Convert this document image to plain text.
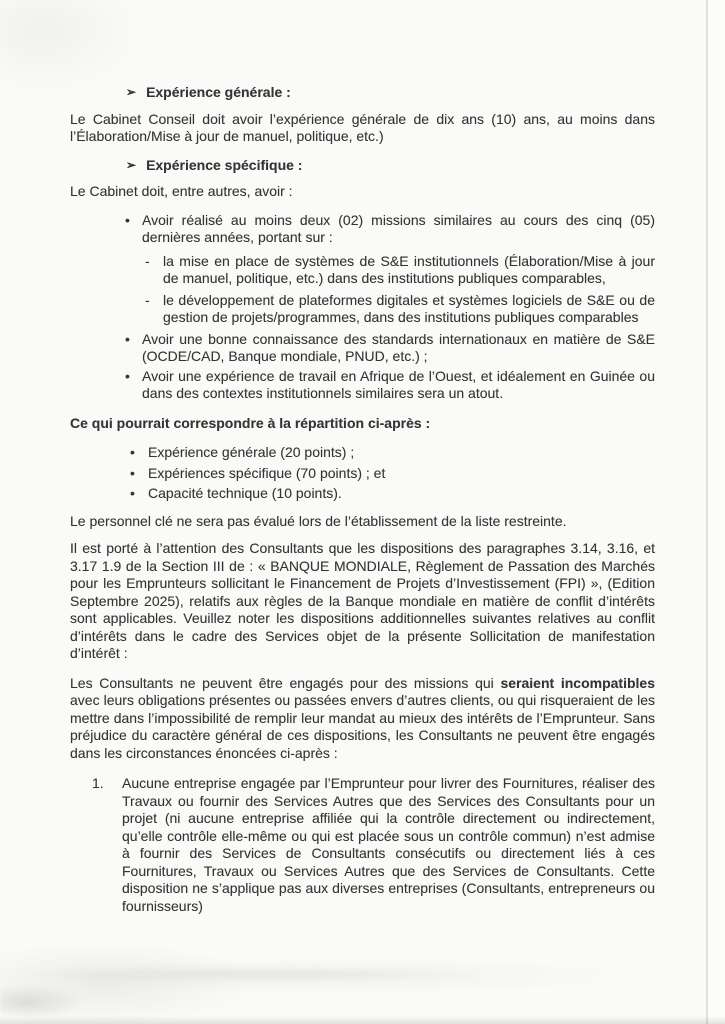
➢ Expérience générale :

Le Cabinet Conseil doit avoir l’expérience générale de dix ans (10) ans, au moins dans l’Élaboration/Mise à jour de manuel, politique, etc.)

➢ Expérience spécifique :

Le Cabinet doit, entre autres, avoir :

• Avoir réalisé au moins deux (02) missions similaires au cours des cinq (05) dernières années, portant sur :
- la mise en place de systèmes de S&E institutionnels (Élaboration/Mise à jour de manuel, politique, etc.) dans des institutions publiques comparables,
- le développement de plateformes digitales et systèmes logiciels de S&E ou de gestion de projets/programmes, dans des institutions publiques comparables
• Avoir une bonne connaissance des standards internationaux en matière de S&E (OCDE/CAD, Banque mondiale, PNUD, etc.) ;
• Avoir une expérience de travail en Afrique de l’Ouest, et idéalement en Guinée ou dans des contextes institutionnels similaires sera un atout.

Ce qui pourrait correspondre à la répartition ci-après :

• Expérience générale (20 points) ;
• Expériences spécifique (70 points) ; et
• Capacité technique (10 points).

Le personnel clé ne sera pas évalué lors de l’établissement de la liste restreinte.

Il est porté à l’attention des Consultants que les dispositions des paragraphes 3.14, 3.16, et 3.17 1.9 de la Section III de : « BANQUE MONDIALE, Règlement de Passation des Marchés pour les Emprunteurs sollicitant le Financement de Projets d’Investissement (FPI) », (Edition Septembre 2025), relatifs aux règles de la Banque mondiale en matière de conflit d’intérêts sont applicables. Veuillez noter les dispositions additionnelles suivantes relatives au conflit d’intérêts dans le cadre des Services objet de la présente Sollicitation de manifestation d’intérêt :

Les Consultants ne peuvent être engagés pour des missions qui seraient incompatibles avec leurs obligations présentes ou passées envers d’autres clients, ou qui risqueraient de les mettre dans l’impossibilité de remplir leur mandat au mieux des intérêts de l’Emprunteur. Sans préjudice du caractère général de ces dispositions, les Consultants ne peuvent être engagés dans les circonstances énoncées ci-après :

1.	Aucune entreprise engagée par l’Emprunteur pour livrer des Fournitures, réaliser des Travaux ou fournir des Services Autres que des Services des Consultants pour un projet (ni aucune entreprise affiliée qui la contrôle directement ou indirectement, qu’elle contrôle elle-même ou qui est placée sous un contrôle commun) n’est admise à fournir des Services de Consultants consécutifs ou directement liés à ces Fournitures, Travaux ou Services Autres que des Services de Consultants. Cette disposition ne s’applique pas aux diverses entreprises (Consultants, entrepreneurs ou fournisseurs)
